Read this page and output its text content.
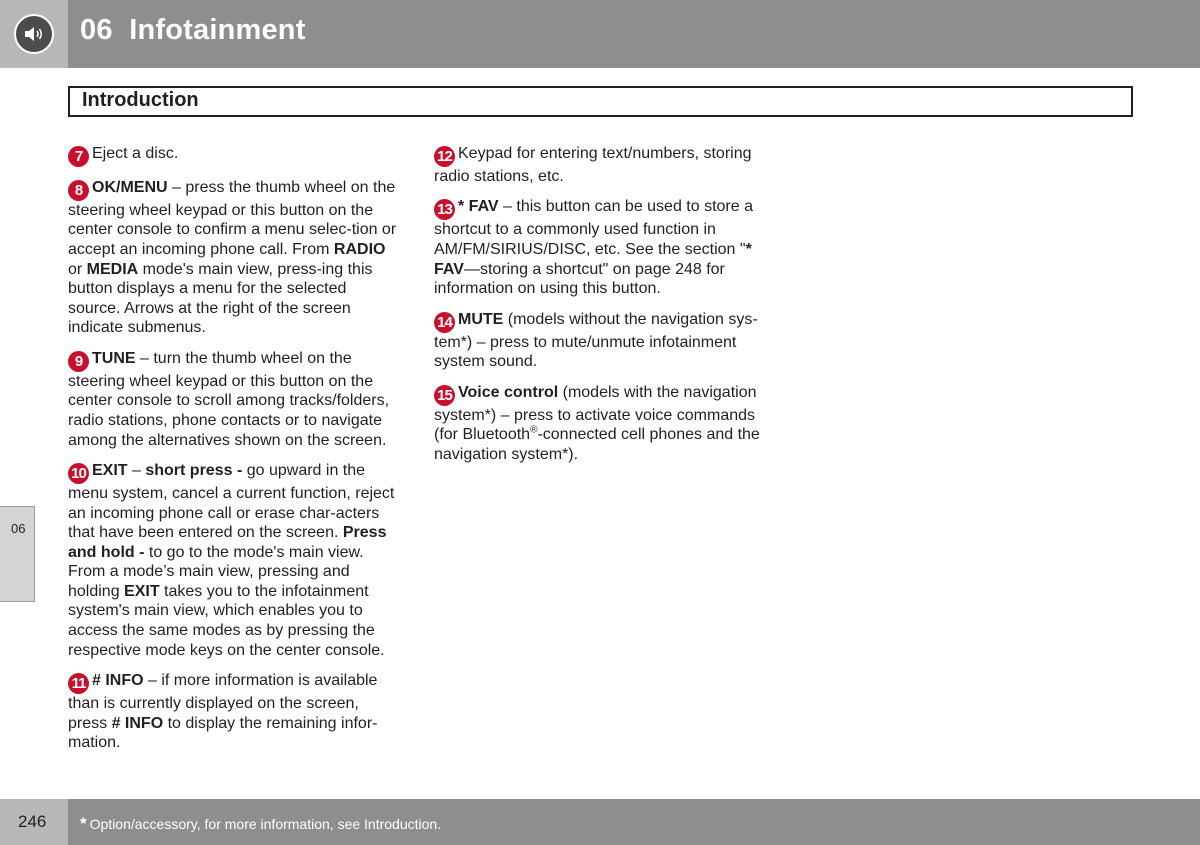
06 Infotainment
Introduction
06
7 Eject a disc.
8 OK/MENU – press the thumb wheel on the steering wheel keypad or this button on the center console to confirm a menu selec-tion or accept an incoming phone call. From RADIO or MEDIA mode's main view, press-ing this button displays a menu for the selected source. Arrows at the right of the screen indicate submenus.
9 TUNE – turn the thumb wheel on the steering wheel keypad or this button on the center console to scroll among tracks/folders, radio stations, phone contacts or to navigate among the alternatives shown on the screen.
10 EXIT – short press - go upward in the menu system, cancel a current function, reject an incoming phone call or erase char-acters that have been entered on the screen. Press and hold - to go to the mode's main view. From a mode’s main view, pressing and holding EXIT takes you to the infotainment system's main view, which enables you to access the same modes as by pressing the respective mode keys on the center console.
11 # INFO – if more information is available than is currently displayed on the screen, press # INFO to display the remaining infor-mation.
12 Keypad for entering text/numbers, storing radio stations, etc.
13 * FAV – this button can be used to store a shortcut to a commonly used function in AM/FM/SIRIUS/DISC, etc. See the section "* FAV—storing a shortcut" on page 248 for information on using this button.
14 MUTE (models without the navigation sys-tem*) – press to mute/unmute infotainment system sound.
15 Voice control (models with the navigation system*) – press to activate voice commands (for Bluetooth®-connected cell phones and the navigation system*).
246 * Option/accessory, for more information, see Introduction.
